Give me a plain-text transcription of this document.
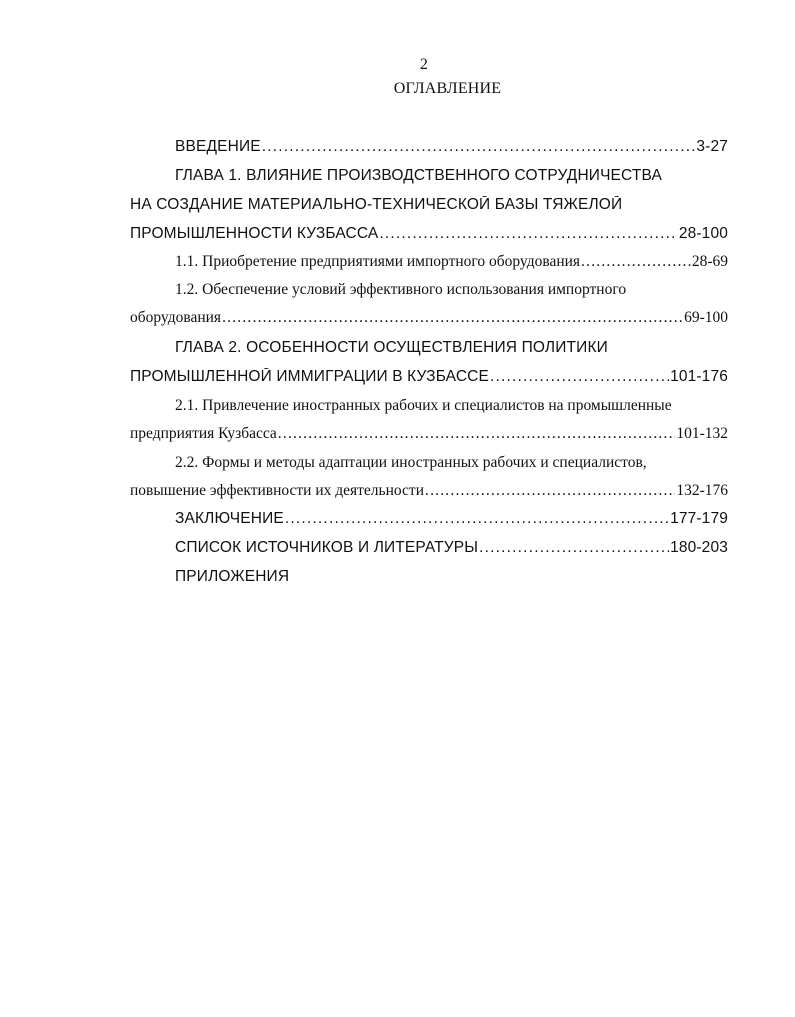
2
ОГЛАВЛЕНИЕ
ВВЕДЕНИЕ .....	3-27
ГЛАВА 1. ВЛИЯНИЕ ПРОИЗВОДСТВЕННОГО СОТРУДНИЧЕСТВА
НА СОЗДАНИЕ МАТЕРИАЛЬНО-ТЕХНИЧЕСКОЙ БАЗЫ ТЯЖЕЛОЙ
ПРОМЫШЛЕННОСТИ КУЗБАССА .....	28-100
1.1. Приобретение предприятиями импортного оборудования .....	28-69
1.2. Обеспечение условий эффективного использования импортного
оборудования .....	69-100
ГЛАВА 2. ОСОБЕННОСТИ ОСУЩЕСТВЛЕНИЯ ПОЛИТИКИ
ПРОМЫШЛЕННОЙ ИММИГРАЦИИ В КУЗБАССЕ .....	101-176
2.1. Привлечение иностранных рабочих и специалистов на промышленные
предприятия Кузбасса .....	101-132
2.2. Формы и методы адаптации иностранных рабочих и специалистов,
повышение эффективности их деятельности .....	132-176
ЗАКЛЮЧЕНИЕ .....	177-179
СПИСОК ИСТОЧНИКОВ И ЛИТЕРАТУРЫ .....	180-203
ПРИЛОЖЕНИЯ
